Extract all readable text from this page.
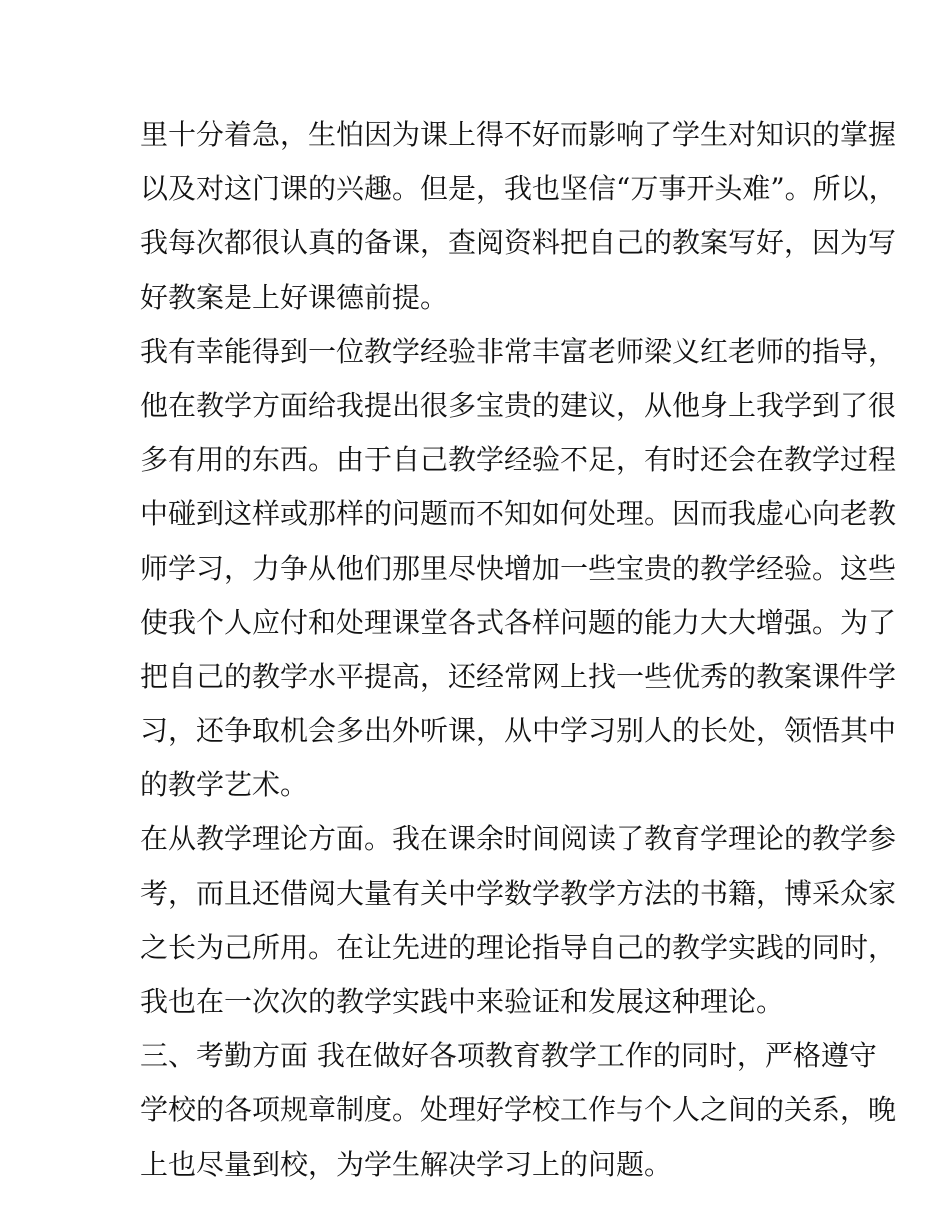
里十分着急，生怕因为课上得不好而影响了学生对知识的掌握
以及对这门课的兴趣。但是，我也坚信“万事开头难”。所以，
我每次都很认真的备课，查阅资料把自己的教案写好，因为写
好教案是上好课德前提。
我有幸能得到一位教学经验非常丰富老师梁义红老师的指导，
他在教学方面给我提出很多宝贵的建议，从他身上我学到了很
多有用的东西。由于自己教学经验不足，有时还会在教学过程
中碰到这样或那样的问题而不知如何处理。因而我虚心向老教
师学习，力争从他们那里尽快增加一些宝贵的教学经验。这些
使我个人应付和处理课堂各式各样问题的能力大大增强。为了
把自己的教学水平提高，还经常网上找一些优秀的教案课件学
习，还争取机会多出外听课，从中学习别人的长处，领悟其中
的教学艺术。
在从教学理论方面。我在课余时间阅读了教育学理论的教学参
考，而且还借阅大量有关中学数学教学方法的书籍，博采众家
之长为己所用。在让先进的理论指导自己的教学实践的同时，
我也在一次次的教学实践中来验证和发展这种理论。
三、考勤方面 我在做好各项教育教学工作的同时，严格遵守
学校的各项规章制度。处理好学校工作与个人之间的关系，晚
上也尽量到校，为学生解决学习上的问题。
